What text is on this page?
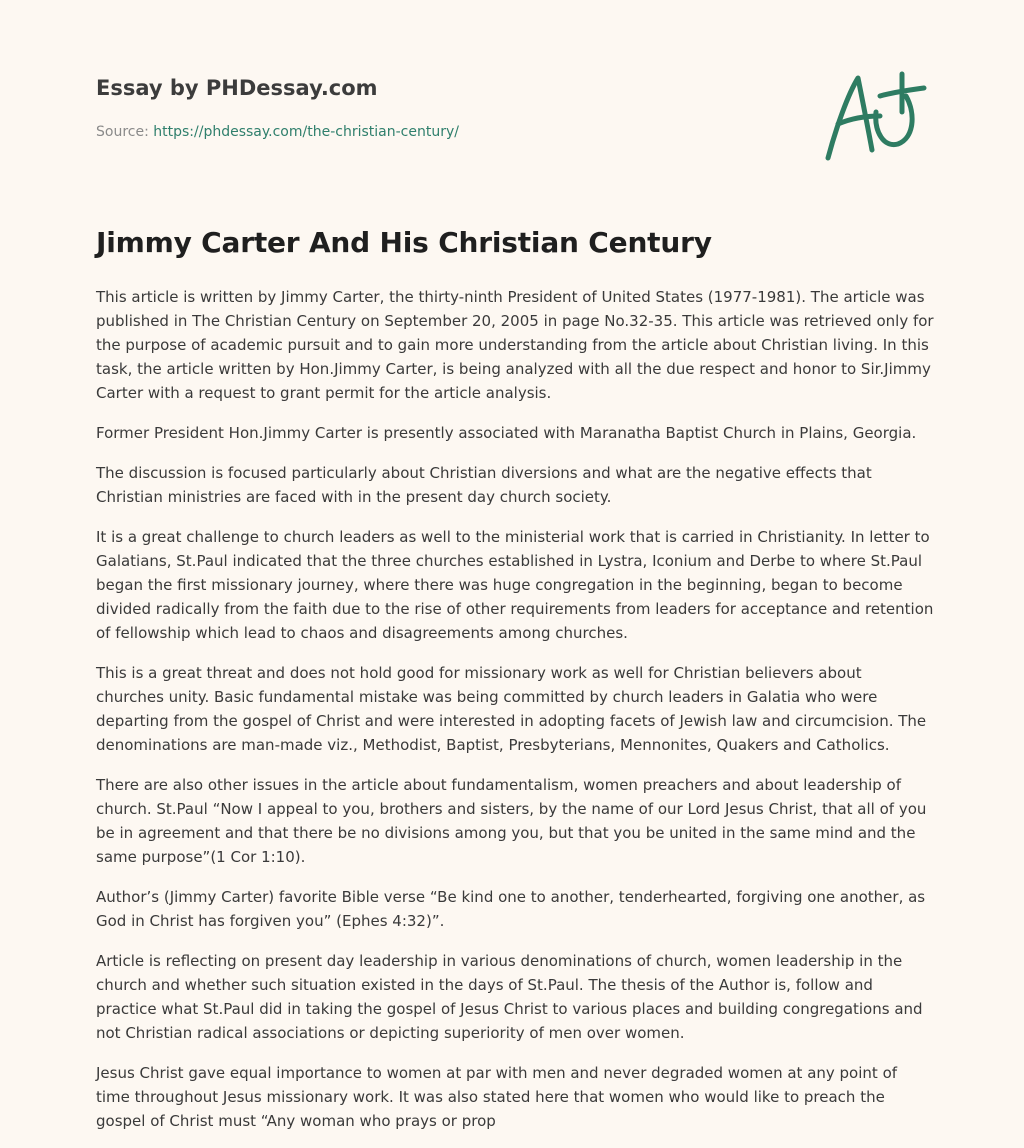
Essay by PHDessay.com
Source: https://phdessay.com/the-christian-century/
Jimmy Carter And His Christian Century

This article is written by Jimmy Carter, the thirty-ninth President of United States (1977-1981). The article was published in The Christian Century on September 20, 2005 in page No.32-35. This article was retrieved only for the purpose of academic pursuit and to gain more understanding from the article about Christian living. In this task, the article written by Hon.Jimmy Carter, is being analyzed with all the due respect and honor to Sir.Jimmy Carter with a request to grant permit for the article analysis.

Former President Hon.Jimmy Carter is presently associated with Maranatha Baptist Church in Plains, Georgia.

The discussion is focused particularly about Christian diversions and what are the negative effects that Christian ministries are faced with in the present day church society.

It is a great challenge to church leaders as well to the ministerial work that is carried in Christianity. In letter to Galatians, St.Paul indicated that the three churches established in Lystra, Iconium and Derbe to where St.Paul began the first missionary journey, where there was huge congregation in the beginning, began to become divided radically from the faith due to the rise of other requirements from leaders for acceptance and retention of fellowship which lead to chaos and disagreements among churches.

This is a great threat and does not hold good for missionary work as well for Christian believers about churches unity. Basic fundamental mistake was being committed by church leaders in Galatia who were departing from the gospel of Christ and were interested in adopting facets of Jewish law and circumcision. The denominations are man-made viz., Methodist, Baptist, Presbyterians, Mennonites, Quakers and Catholics.

There are also other issues in the article about fundamentalism, women preachers and about leadership of church. St.Paul “Now I appeal to you, brothers and sisters, by the name of our Lord Jesus Christ, that all of you be in agreement and that there be no divisions among you, but that you be united in the same mind and the same purpose”(1 Cor 1:10).

Author’s (Jimmy Carter) favorite Bible verse “Be kind one to another, tenderhearted, forgiving one another, as God in Christ has forgiven you” (Ephes 4:32)”.

Article is reflecting on present day leadership in various denominations of church, women leadership in the church and whether such situation existed in the days of St.Paul. The thesis of the Author is, follow and practice what St.Paul did in taking the gospel of Jesus Christ to various places and building congregations and not Christian radical associations or depicting superiority of men over women.

Jesus Christ gave equal importance to women at par with men and never degraded women at any point of time throughout Jesus missionary work. It was also stated here that women who would like to preach the gospel of Christ must “Any woman who prays or prop
